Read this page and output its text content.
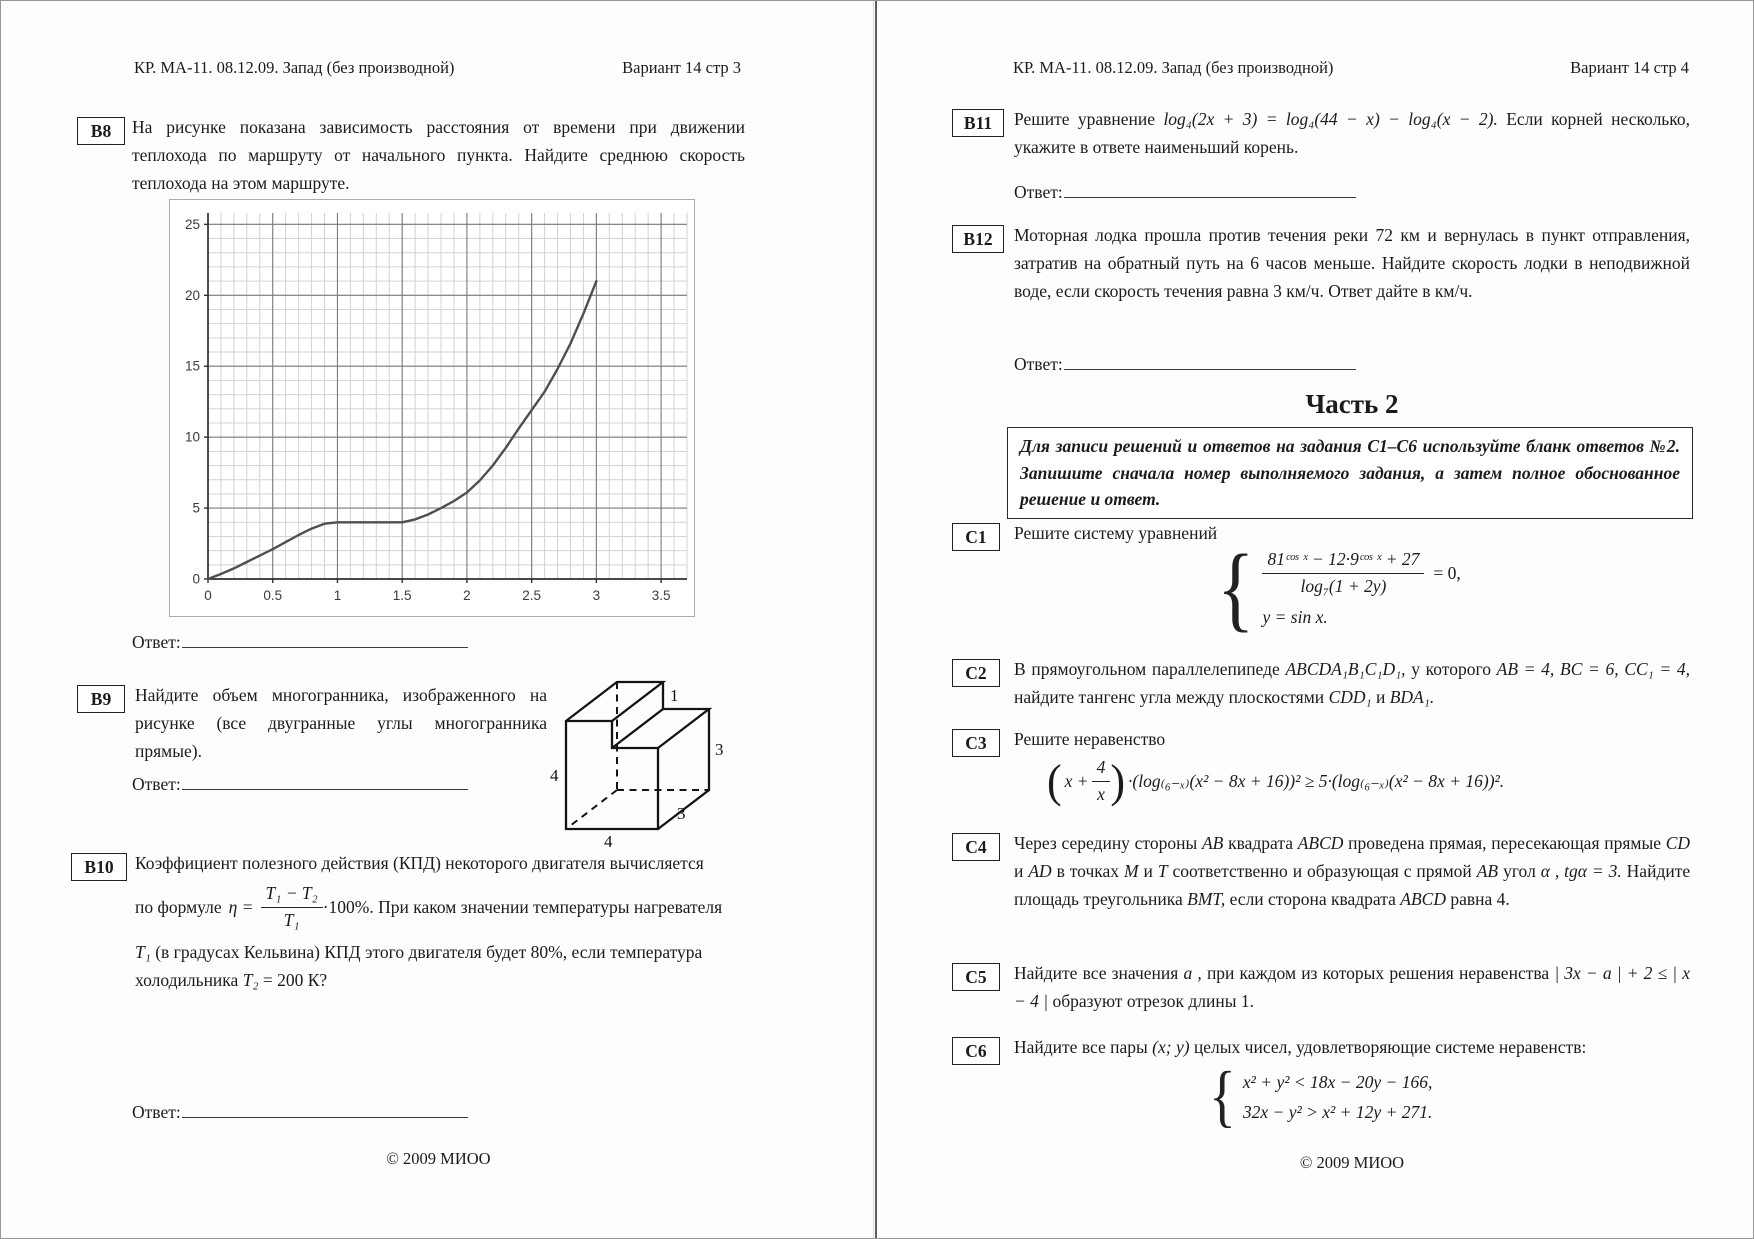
КР. МА-11. 08.12.09. Запад (без производной)	Вариант 14 стр 3
В8	На рисунке показана зависимость расстояния от времени при движении теплохода по маршруту от начального пункта. Найдите среднюю скорость теплохода на этом маршруте.
0	0.5	1	1.5	2	2.5	3	3.5
0
5
10
15
20
25
Ответ:
В9	Найдите объем многогранника, изображенного на рисунке (все двугранные углы многогранника прямые).
1
3
4
3
4
Ответ:
В10	Коэффициент полезного действия (КПД) некоторого двигателя вычисляется
по формуле $\eta = \frac{\text{T₁ − T₂}}{\text{T₁}} \cdot 100\%$. При каком значении температуры нагревателя
T₁ (в градусах Кельвина) КПД этого двигателя будет 80%, если температура
холодильника T₂ = 200 К?
Ответ:
© 2009 МИОО
КР. МА-11. 08.12.09. Запад (без производной)	Вариант 14 стр 4
В11	Решите уравнение log₄(2x + 3) = log₄(44 − x) − log₄(x − 2). Если корней несколько, укажите в ответе наименьший корень.
Ответ:
В12	Моторная лодка прошла против течения реки 72 км и вернулась в пункт отправления, затратив на обратный путь на 6 часов меньше. Найдите скорость лодки в неподвижной воде, если скорость течения равна 3 км/ч. Ответ дайте в км/ч.
Ответ:
Часть 2
Для записи решений и ответов на задания С1–С6 используйте бланк ответов №2. Запишите сначала номер выполняемого задания, а затем полное обоснованное решение и ответ.
С1	Решите систему уравнений
{ $\frac{\text{81ᶜᵒˢ ˣ − 12·9ᶜᵒˢ ˣ + 27}}{\text{log₇(1 + 2y)}} = 0$,
y = sin x.
С2	В прямоугольном параллелепипеде ABCDA₁B₁C₁D₁, у которого AB = 4, BC = 6, CC₁ = 4, найдите тангенс угла между плоскостями CDD₁ и BDA₁.
С3	Решите неравенство
( $x + \frac{4}{x}$ ) ·(log₍₆₋ₓ₎(x² − 8x + 16))² ≥ 5·(log₍₆₋ₓ₎(x² − 8x + 16))².
С4	Через середину стороны AB квадрата ABCD проведена прямая, пересекающая прямые CD и AD в точках M и T соответственно и образующая с прямой AB угол α , tgα = 3. Найдите площадь треугольника BMT, если сторона квадрата ABCD равна 4.
С5	Найдите все значения a , при каждом из которых решения неравенства | 3x − a | + 2 ≤ | x − 4 | образуют отрезок длины 1.
С6	Найдите все пары (x; y) целых чисел, удовлетворяющие системе неравенств:
{ x² + y² < 18x − 20y − 166,
32x − y² > x² + 12y + 271.
© 2009 МИОО
